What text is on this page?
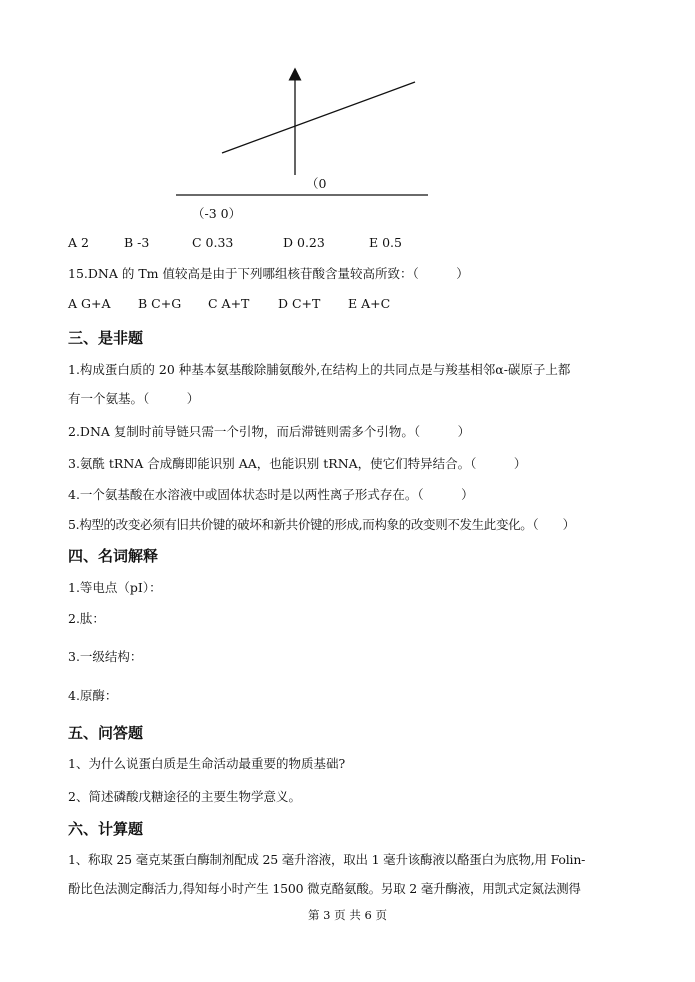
（0
（-3 0）
A 2	B -3	C 0.33	D 0.23	E 0.5
15.DNA 的 Tm 值较高是由于下列哪组核苷酸含量较高所致：（　　　）
A G+A B C+G C A+T D C+T E A+C
三、是非题
1.构成蛋白质的 20 种基本氨基酸除脯氨酸外,在结构上的共同点是与羧基相邻α-碳原子上都
有一个氨基。（　　　）
2.DNA 复制时前导链只需一个引物，而后滞链则需多个引物。（　　　）
3.氨酰 tRNA 合成酶即能识别 AA，也能识别 tRNA，使它们特异结合。（　　　）
4.一个氨基酸在水溶液中或固体状态时是以两性离子形式存在。（　　　）
5.构型的改变必须有旧共价键的破坏和新共价键的形成,而构象的改变则不发生此变化。（　　）
四、名词解释
1.等电点（pI）：
2.肽：
3.一级结构：
4.原酶：
五、问答题
1、为什么说蛋白质是生命活动最重要的物质基础?
2、简述磷酸戊糖途径的主要生物学意义。
六、计算题
1、称取 25 毫克某蛋白酶制剂配成 25 毫升溶液，取出 1 毫升该酶液以酪蛋白为底物,用 Folin-
酚比色法测定酶活力,得知每小时产生 1500 微克酪氨酸。另取 2 毫升酶液，用凯式定氮法测得
第 3 页 共 6 页
